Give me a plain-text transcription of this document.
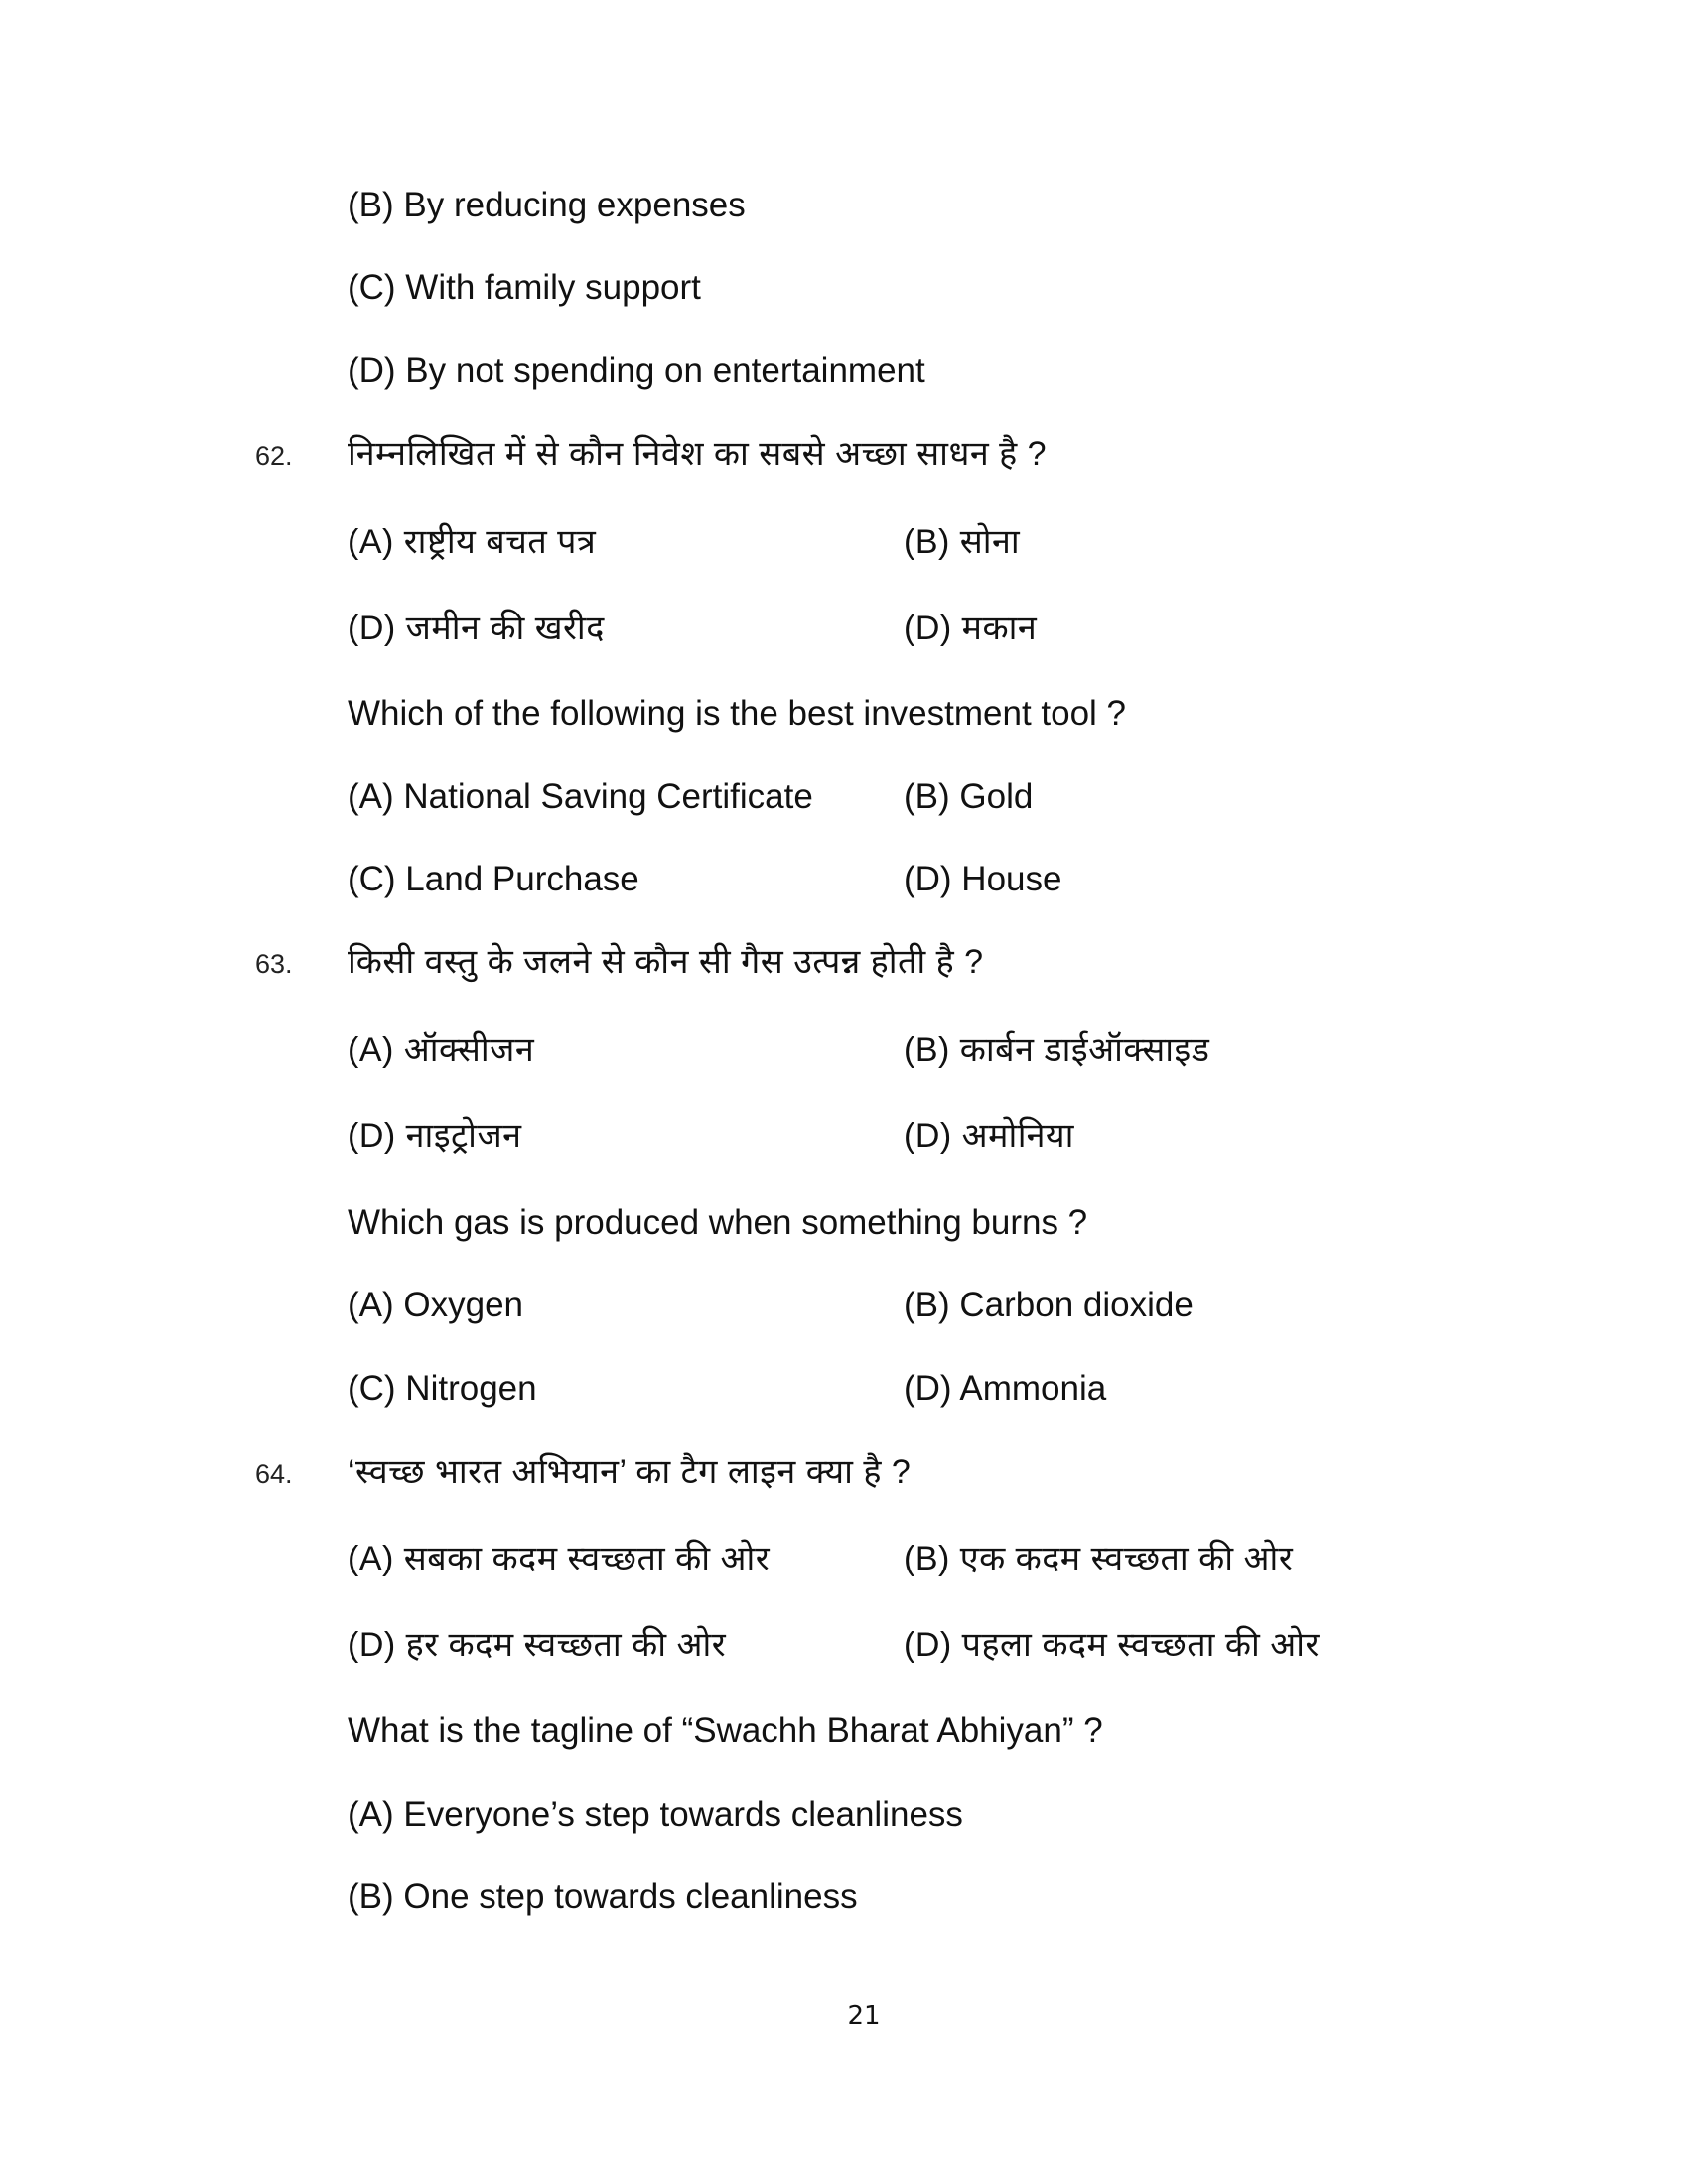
(B) By reducing expenses
(C) With family support
(D) By not spending on entertainment
62. निम्नलिखित में से कौन निवेश का सबसे अच्छा साधन है ?
(A) राष्ट्रीय बचत पत्र	(B) सोना
(D) जमीन की खरीद	(D) मकान
Which of the following is the best investment tool ?
(A) National Saving Certificate	(B) Gold
(C) Land Purchase	(D) House
63. किसी वस्तु के जलने से कौन सी गैस उत्पन्न होती है ?
(A) ऑक्सीजन	(B) कार्बन डाईऑक्साइड
(D) नाइट्रोजन	(D) अमोनिया
Which gas is produced when something burns ?
(A) Oxygen	(B) Carbon dioxide
(C) Nitrogen	(D) Ammonia
64. ‘स्वच्छ भारत अभियान’ का टैग लाइन क्या है ?
(A) सबका कदम स्वच्छता की ओर	(B) एक कदम स्वच्छता की ओर
(D) हर कदम स्वच्छता की ओर	(D) पहला कदम स्वच्छता की ओर
What is the tagline of “Swachh Bharat Abhiyan” ?
(A) Everyone’s step towards cleanliness
(B) One step towards cleanliness
21
